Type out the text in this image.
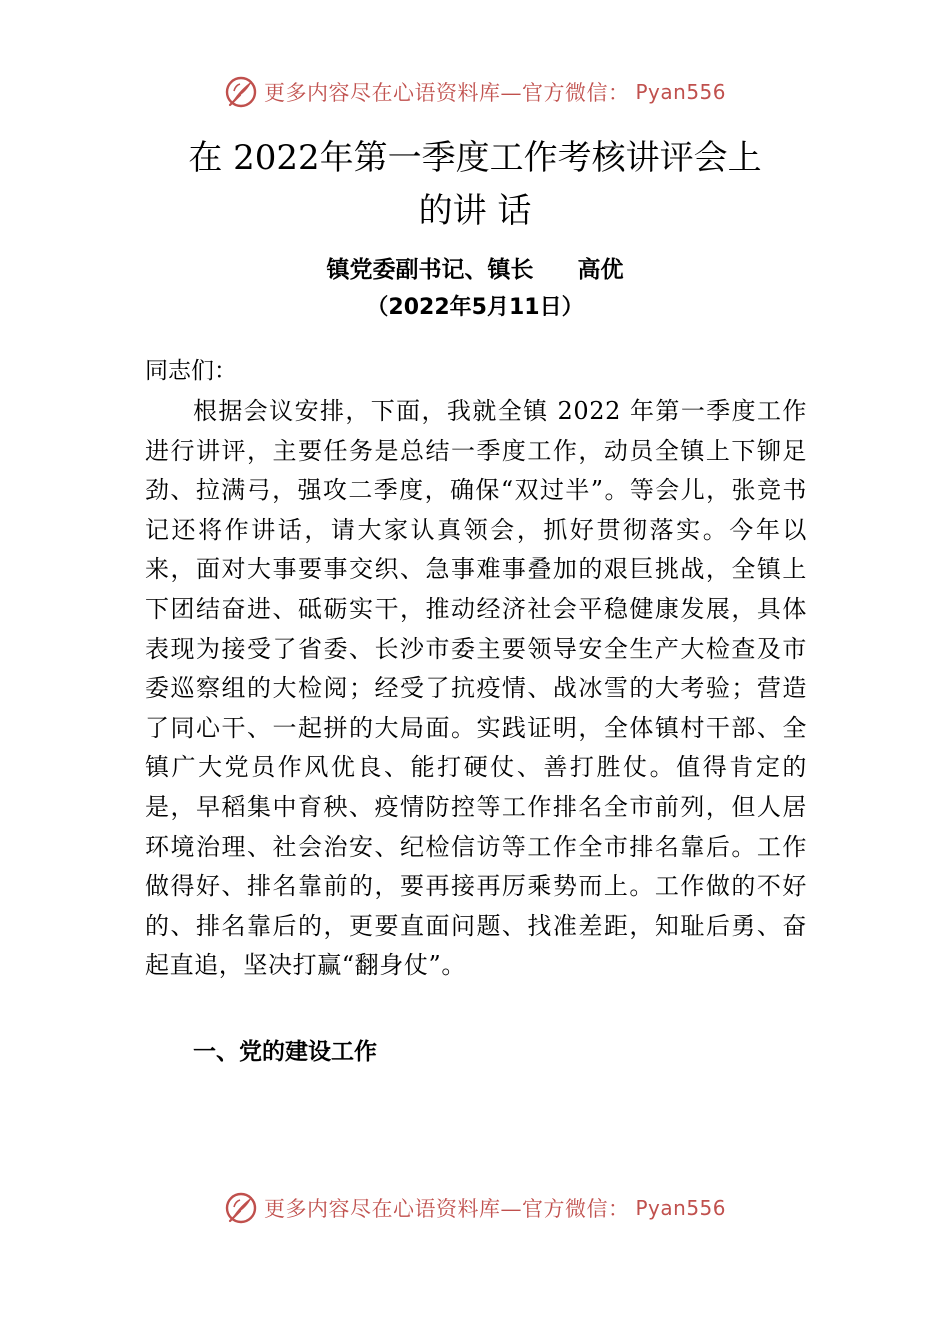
更多内容尽在心语资料库—官方微信： Pyan556
在 2022年第一季度工作考核讲评会上
的讲 话
镇党委副书记、镇长 高优
（2022年5月11日）
同志们：

根据会议安排，下面，我就全镇 2022 年第一季度工作进行讲评，主要任务是总结一季度工作，动员全镇上下铆足劲、拉满弓，强攻二季度，确保“双过半”。等会儿，张竞书记还将作讲话，请大家认真领会，抓好贯彻落实。今年以来，面对大事要事交织、急事难事叠加的艰巨挑战，全镇上下团结奋进、砥砺实干，推动经济社会平稳健康发展，具体表现为接受了省委、长沙市委主要领导安全生产大检查及市委巡察组的大检阅；经受了抗疫情、战冰雪的大考验；营造了同心干、一起拼的大局面。实践证明，全体镇村干部、全镇广大党员作风优良、能打硬仗、善打胜仗。值得肯定的是，早稻集中育秧、疫情防控等工作排名全市前列，但人居环境治理、社会治安、纪检信访等工作全市排名靠后。工作做得好、排名靠前的，要再接再厉乘势而上。工作做的不好的、排名靠后的，更要直面问题、找准差距，知耻后勇、奋起直追，坚决打赢“翻身仗”。

一、党的建设工作
更多内容尽在心语资料库—官方微信： Pyan556
